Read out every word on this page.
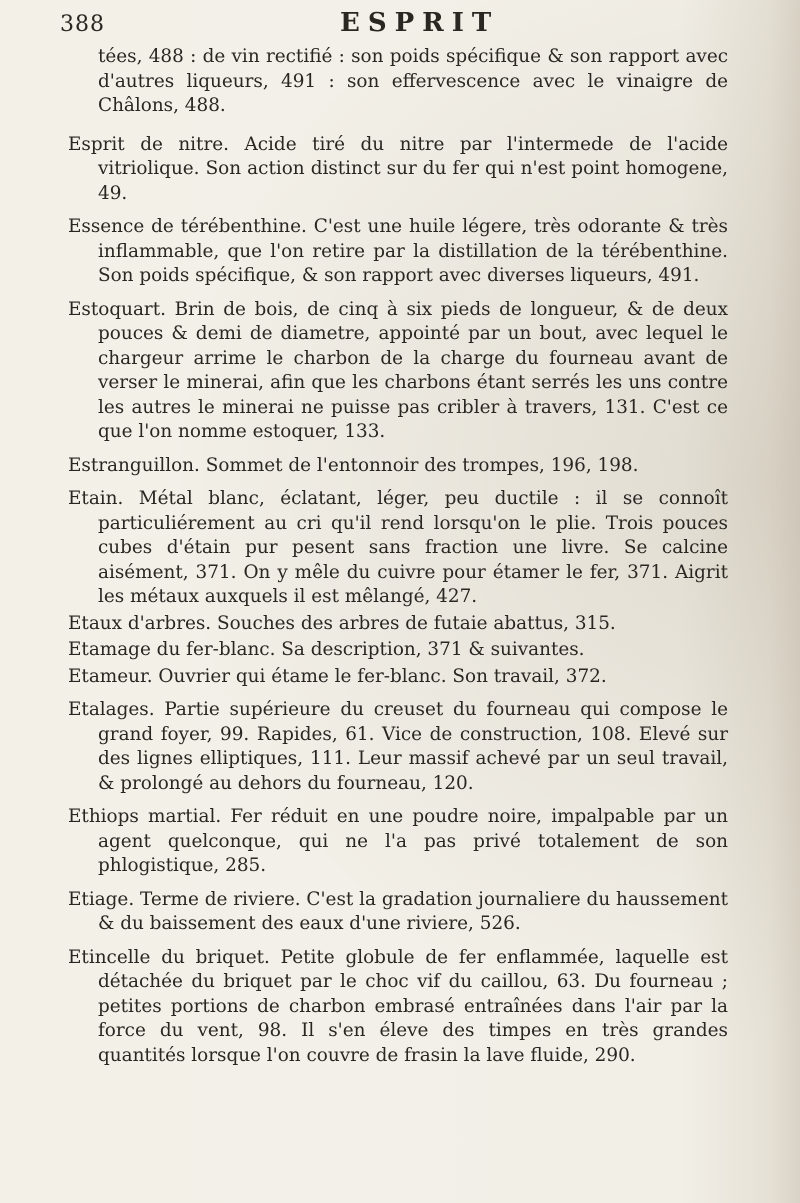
388	ESPRIT

tées, 488 : de vin rectifié : son poids spécifique & son rapport avec d'autres liqueurs, 491 : son effervescence avec le vinaigre de Châlons, 488.

Esprit de nitre. Acide tiré du nitre par l'intermede de l'acide vitriolique. Son action distinct sur du fer qui n'est point homogene, 49.

Essence de térébenthine. C'est une huile légere, très odorante & très inflammable, que l'on retire par la distillation de la térébenthine. Son poids spécifique, & son rapport avec diverses liqueurs, 491.

Estoquart. Brin de bois, de cinq à six pieds de longueur, & de deux pouces & demi de diametre, appointé par un bout, avec lequel le chargeur arrime le charbon de la charge du fourneau avant de verser le minerai, afin que les charbons étant serrés les uns contre les autres le minerai ne puisse pas cribler à travers, 131. C'est ce que l'on nomme estoquer, 133.

Estranguillon. Sommet de l'entonnoir des trompes, 196, 198.

Etain. Métal blanc, éclatant, léger, peu ductile : il se connoît particuliérement au cri qu'il rend lorsqu'on le plie. Trois pouces cubes d'étain pur pesent sans fraction une livre. Se calcine aisément, 371. On y mêle du cuivre pour étamer le fer, 371. Aigrit les métaux auxquels il est mêlangé, 427.

Etaux d'arbres. Souches des arbres de futaie abattus, 315.

Etamage du fer-blanc. Sa description, 371 & suivantes.

Etameur. Ouvrier qui étame le fer-blanc. Son travail, 372.

Etalages. Partie supérieure du creuset du fourneau qui compose le grand foyer, 99. Rapides, 61. Vice de construction, 108. Elevé sur des lignes elliptiques, 111. Leur massif achevé par un seul travail, & prolongé au dehors du fourneau, 120.

Ethiops martial. Fer réduit en une poudre noire, impalpable par un agent quelconque, qui ne l'a pas privé totalement de son phlogistique, 285.

Etiage. Terme de riviere. C'est la gradation journaliere du haussement & du baissement des eaux d'une riviere, 526.

Etincelle du briquet. Petite globule de fer enflammée, laquelle est détachée du briquet par le choc vif du caillou, 63. Du fourneau ; petites portions de charbon embrasé entraînées dans l'air par la force du vent, 98. Il s'en éleve des timpes en très grandes quantités lorsque l'on couvre de frasin la lave fluide, 290.
